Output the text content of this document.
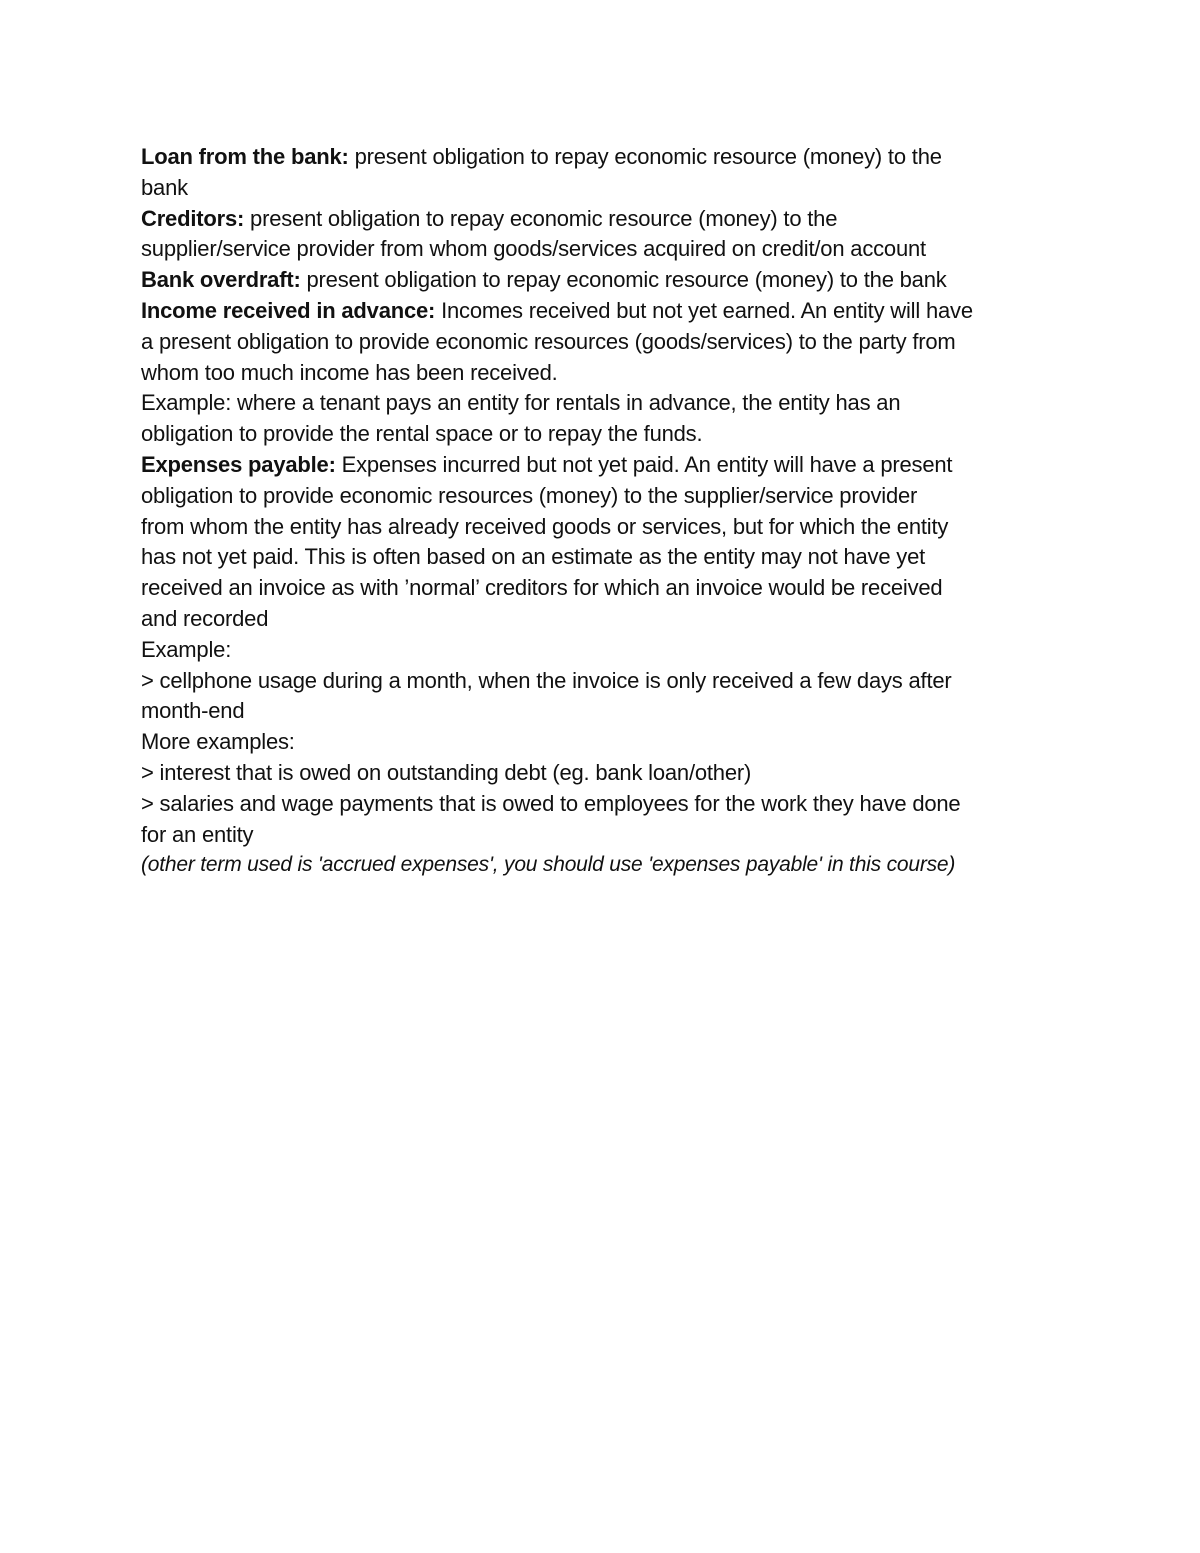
Loan from the bank: present obligation to repay economic resource (money) to the
bank
Creditors: present obligation to repay economic resource (money) to the
supplier/service provider from whom goods/services acquired on credit/on account
Bank overdraft: present obligation to repay economic resource (money) to the bank
Income received in advance: Incomes received but not yet earned. An entity will have
a present obligation to provide economic resources (goods/services) to the party from
whom too much income has been received.
Example: where a tenant pays an entity for rentals in advance, the entity has an
obligation to provide the rental space or to repay the funds.
Expenses payable: Expenses incurred but not yet paid. An entity will have a present
obligation to provide economic resources (money) to the supplier/service provider
from whom the entity has already received goods or services, but for which the entity
has not yet paid. This is often based on an estimate as the entity may not have yet
received an invoice as with ’normal’ creditors for which an invoice would be received
and recorded
Example:
> cellphone usage during a month, when the invoice is only received a few days after
month-end
More examples:
> interest that is owed on outstanding debt (eg. bank loan/other)
> salaries and wage payments that is owed to employees for the work they have done
for an entity
(other term used is 'accrued expenses', you should use 'expenses payable' in this course)
